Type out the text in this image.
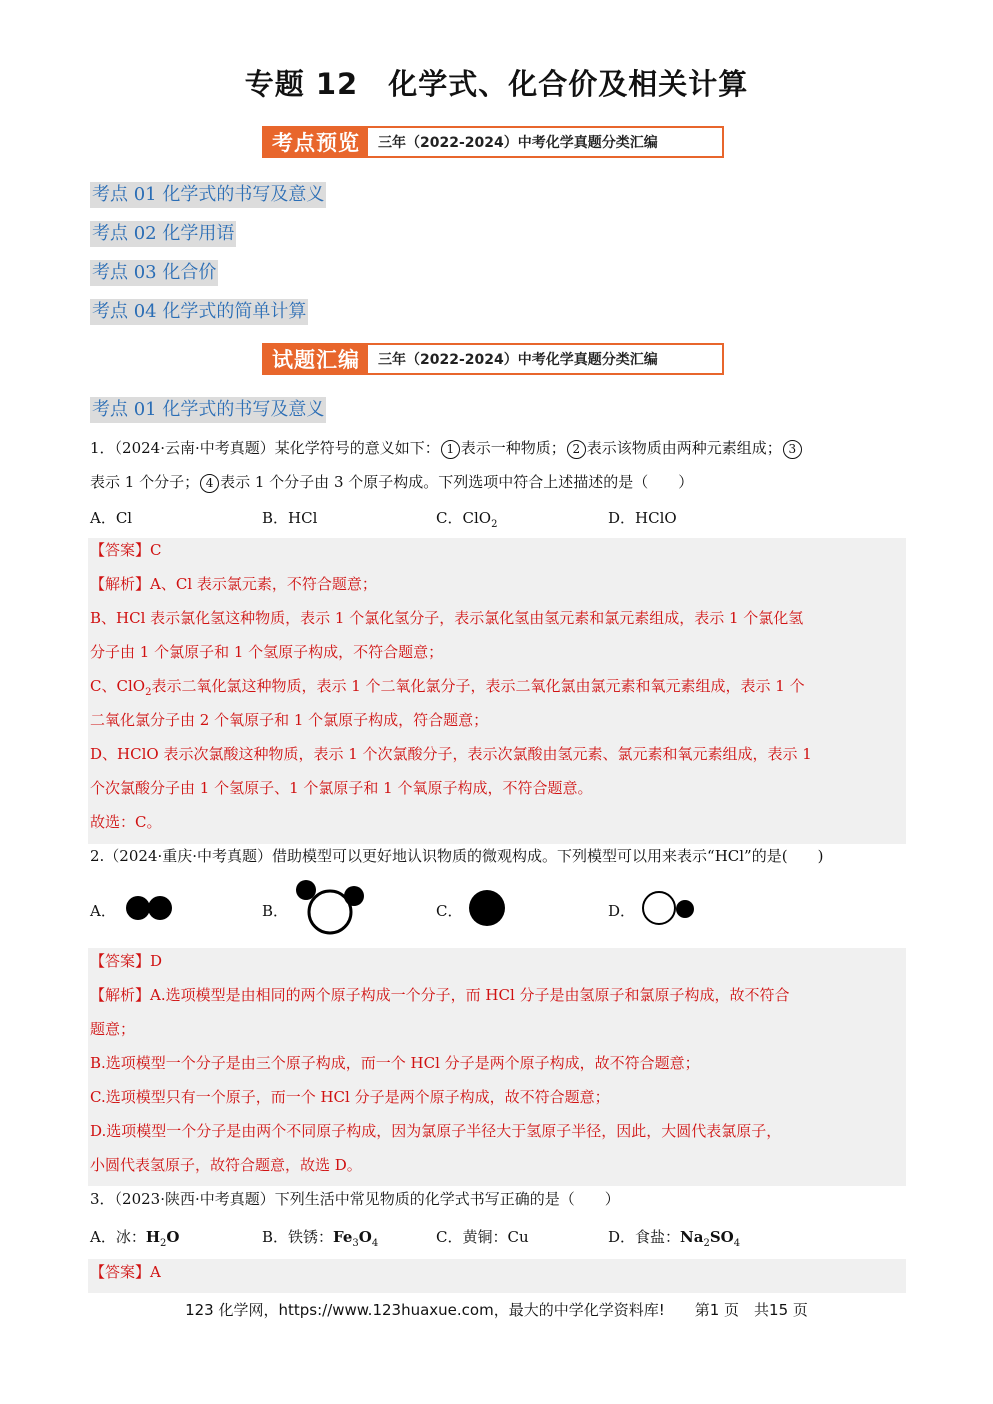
专题 12　化学式、化合价及相关计算
考点预览	三年（2022-2024）中考化学真题分类汇编
考点 01 化学式的书写及意义
考点 02 化学用语
考点 03 化合价
考点 04 化学式的简单计算
试题汇编	三年（2022-2024）中考化学真题分类汇编
考点 01 化学式的书写及意义
1．（2024·云南·中考真题）某化学符号的意义如下： 1 表示一种物质； 2 表示该物质由两种元素组成； 3
表示 1 个分子； 4 表示 1 个分子由 3 个原子构成。下列选项中符合上述描述的是（　　）
A．Cl	B．HCl	C．ClO$_2$	D．HClO
【答案】C
【解析】A、Cl 表示氯元素，不符合题意；
B、HCl 表示氯化氢这种物质，表示 1 个氯化氢分子，表示氯化氢由氢元素和氯元素组成，表示 1 个氯化氢
分子由 1 个氯原子和 1 个氢原子构成，不符合题意；
C、ClO$_2$表示二氧化氯这种物质，表示 1 个二氧化氯分子，表示二氧化氯由氯元素和氧元素组成，表示 1 个
二氧化氯分子由 2 个氧原子和 1 个氯原子构成，符合题意；
D、HClO 表示次氯酸这种物质，表示 1 个次氯酸分子，表示次氯酸由氢元素、氯元素和氧元素组成，表示 1
个次氯酸分子由 1 个氢原子、1 个氯原子和 1 个氧原子构成，不符合题意。
故选：C。
2.（2024·重庆·中考真题）借助模型可以更好地认识物质的微观构成。下列模型可以用来表示“HCl”的是(　　)
A．	B．	C．	D．
【答案】D
【解析】A.选项模型是由相同的两个原子构成一个分子，而 HCl 分子是由氢原子和氯原子构成，故不符合
题意；
B.选项模型一个分子是由三个原子构成，而一个 HCl 分子是两个原子构成，故不符合题意；
C.选项模型只有一个原子，而一个 HCl 分子是两个原子构成，故不符合题意；
D.选项模型一个分子是由两个不同原子构成，因为氯原子半径大于氢原子半径，因此，大圆代表氯原子，
小圆代表氢原子，故符合题意，故选 D。
3．（2023·陕西·中考真题）下列生活中常见物质的化学式书写正确的是（　　）
A．冰：$H_2O$	B．铁锈：$Fe_3O_4$	C．黄铜：Cu	D．食盐：$Na_2SO_4$
【答案】A
123 化学网，https://www.123huaxue.com，最大的中学化学资料库!　　第1 页　共15 页
